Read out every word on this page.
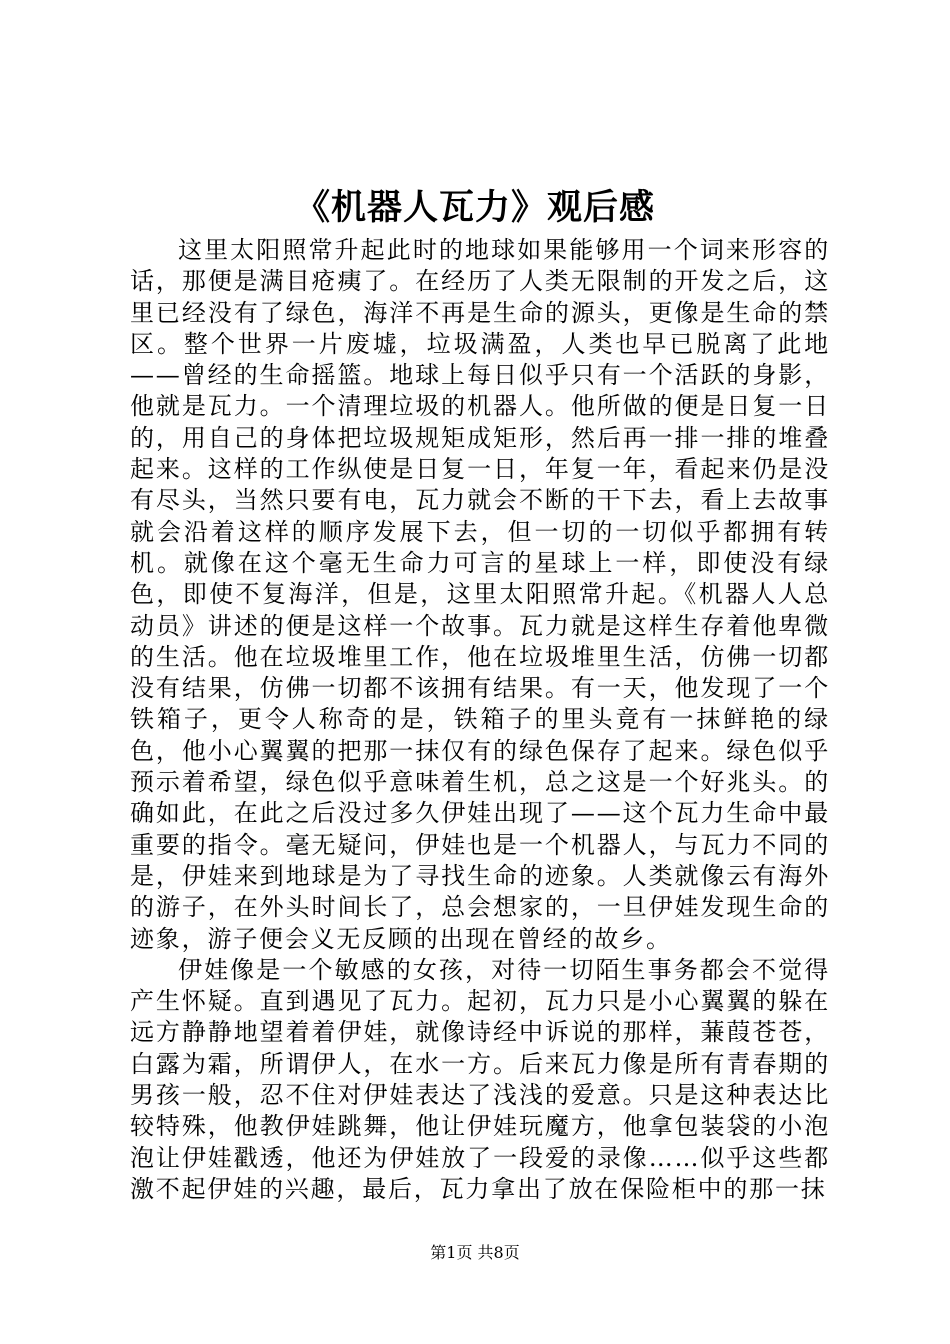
《机器人瓦力》观后感

这里太阳照常升起此时的地球如果能够用一个词来形容的话，那便是满目疮痍了。在经历了人类无限制的开发之后，这里已经没有了绿色，海洋不再是生命的源头，更像是生命的禁区。整个世界一片废墟，垃圾满盈，人类也早已脱离了此地——曾经的生命摇篮。地球上每日似乎只有一个活跃的身影，他就是瓦力。一个清理垃圾的机器人。他所做的便是日复一日的，用自己的身体把垃圾规矩成矩形，然后再一排一排的堆叠起来。这样的工作纵使是日复一日，年复一年，看起来仍是没有尽头，当然只要有电，瓦力就会不断的干下去，看上去故事就会沿着这样的顺序发展下去，但一切的一切似乎都拥有转机。就像在这个毫无生命力可言的星球上一样，即使没有绿色，即使不复海洋，但是，这里太阳照常升起。《机器人人总动员》讲述的便是这样一个故事。瓦力就是这样生存着他卑微的生活。他在垃圾堆里工作，他在垃圾堆里生活，仿佛一切都没有结果，仿佛一切都不该拥有结果。有一天，他发现了一个铁箱子，更令人称奇的是，铁箱子的里头竟有一抹鲜艳的绿色，他小心翼翼的把那一抹仅有的绿色保存了起来。绿色似乎预示着希望，绿色似乎意味着生机，总之这是一个好兆头。的确如此，在此之后没过多久伊娃出现了——这个瓦力生命中最重要的指令。毫无疑问，伊娃也是一个机器人，与瓦力不同的是，伊娃来到地球是为了寻找生命的迹象。人类就像云有海外的游子，在外头时间长了，总会想家的，一旦伊娃发现生命的迹象，游子便会义无反顾的出现在曾经的故乡。

伊娃像是一个敏感的女孩，对待一切陌生事务都会不觉得产生怀疑。直到遇见了瓦力。起初，瓦力只是小心翼翼的躲在远方静静地望着着伊娃，就像诗经中诉说的那样，蒹葭苍苍，白露为霜，所谓伊人，在水一方。后来瓦力像是所有青春期的男孩一般，忍不住对伊娃表达了浅浅的爱意。只是这种表达比较特殊，他教伊娃跳舞，他让伊娃玩魔方，他拿包装袋的小泡泡让伊娃戳透，他还为伊娃放了一段爱的录像……似乎这些都激不起伊娃的兴趣，最后，瓦力拿出了放在保险柜中的那一抹

第1页 共8页
